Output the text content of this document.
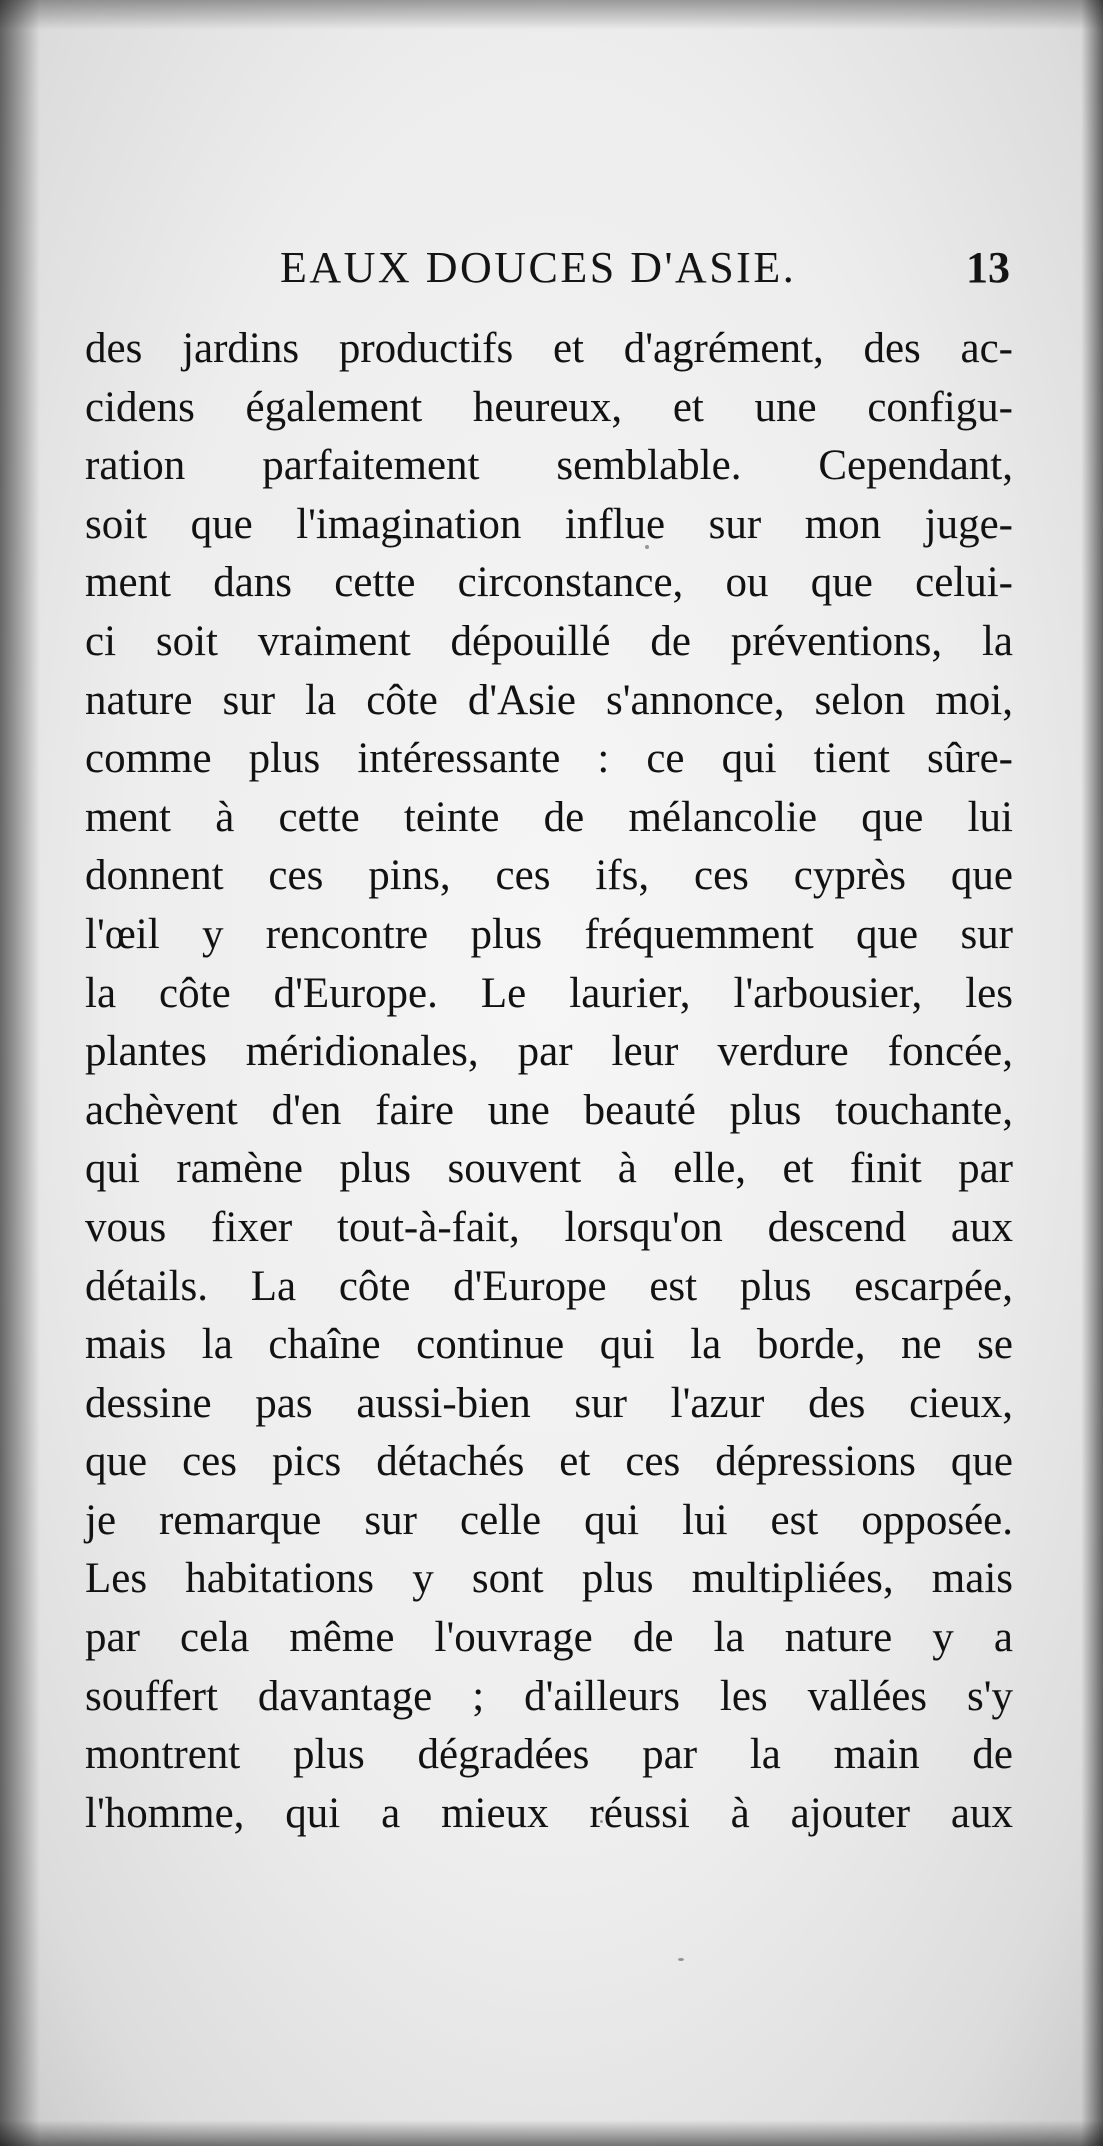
EAUX DOUCES D'ASIE.	13
des jardins productifs et d'agrément, des ac-
cidens également heureux, et une configu-
ration parfaitement semblable. Cependant,
soit que l'imagination influe sur mon juge-
ment dans cette circonstance, ou que celui-
ci soit vraiment dépouillé de préventions, la
nature sur la côte d'Asie s'annonce, selon moi,
comme plus intéressante : ce qui tient sûre-
ment à cette teinte de mélancolie que lui
donnent ces pins, ces ifs, ces cyprès que
l'œil y rencontre plus fréquemment que sur
la côte d'Europe. Le laurier, l'arbousier, les
plantes méridionales, par leur verdure foncée,
achèvent d'en faire une beauté plus touchante,
qui ramène plus souvent à elle, et finit par
vous fixer tout-à-fait, lorsqu'on descend aux
détails. La côte d'Europe est plus escarpée,
mais la chaîne continue qui la borde, ne se
dessine pas aussi-bien sur l'azur des cieux,
que ces pics détachés et ces dépressions que
je remarque sur celle qui lui est opposée.
Les habitations y sont plus multipliées, mais
par cela même l'ouvrage de la nature y a
souffert davantage ; d'ailleurs les vallées s'y
montrent plus dégradées par la main de
l'homme, qui a mieux réussi à ajouter aux
